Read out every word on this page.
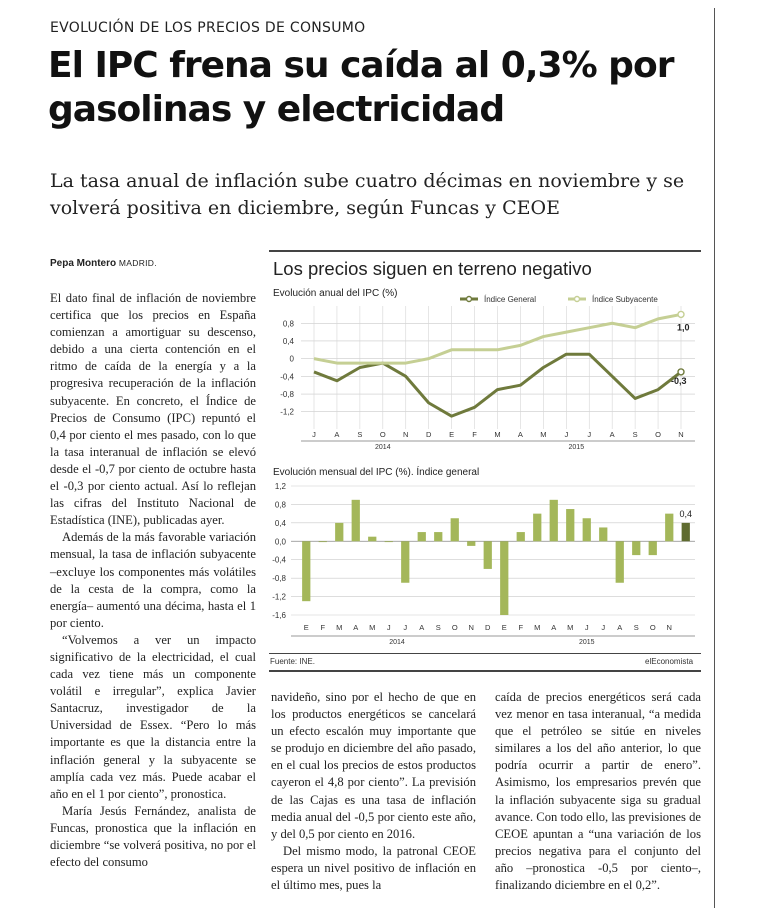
EVOLUCIÓN DE LOS PRECIOS DE CONSUMO
El IPC frena su caída al 0,3% por gasolinas y electricidad
La tasa anual de inflación sube cuatro décimas en noviembre y se volverá positiva en diciembre, según Funcas y CEOE
Pepa Montero MADRID.

El dato final de inflación de noviembre certifica que los precios en España comienzan a amortiguar su descenso, debido a una cierta contención en el ritmo de caída de la energía y a la progresiva recuperación de la inflación subyacente. En concreto, el Índice de Precios de Consumo (IPC) repuntó el 0,4 por ciento el mes pasado, con lo que la tasa interanual de inflación se elevó desde el -0,7 por ciento de octubre hasta el -0,3 por ciento actual. Así lo reflejan las cifras del Instituto Nacional de Estadística (INE), publicadas ayer.

Además de la más favorable variación mensual, la tasa de inflación subyacente –excluye los componentes más volátiles de la cesta de la compra, como la energía– aumentó una décima, hasta el 1 por ciento.

“Volvemos a ver un impacto significativo de la electricidad, el cual cada vez tiene más un componente volátil e irregular”, explica Javier Santacruz, investigador de la Universidad de Essex. “Pero lo más importante es que la distancia entre la inflación general y la subyacente se amplía cada vez más. Puede acabar el año en el 1 por ciento”, pronostica.

María Jesús Fernández, analista de Funcas, pronostica que la inflación en diciembre “se volverá positiva, no por el efecto del consumo

Los precios siguen en terreno negativo
Evolución anual del IPC (%)
Índice General	Índice Subyacente
0,8
0,4
0
-0,4
-0,8
-1,2
J A S O N D E F M A M J	J A S O N
-0,3
1,0
2014	2015
Evolución mensual del IPC (%). Índice general
1,2
0,8
0,4
0,0
-0,4
-0,8
-1,2
-1,6
E F M A M J J A S O N D E F M A M J J A S O N
0,4
2014	2015
Fuente: INE.	elEconomista

navideño, sino por el hecho de que en los productos energéticos se cancelará un efecto escalón muy importante que se produjo en diciembre del año pasado, en el cual los precios de estos productos cayeron el 4,8 por ciento”. La previsión de las Cajas es una tasa de inflación media anual del -0,5 por ciento este año, y del 0,5 por ciento en 2016.

Del mismo modo, la patronal CEOE espera un nivel positivo de inflación en el último mes, pues la

caída de precios energéticos será cada vez menor en tasa interanual, “a medida que el petróleo se sitúe en niveles similares a los del año anterior, lo que podría ocurrir a partir de enero”. Asimismo, los empresarios prevén que la inflación subyacente siga su gradual avance. Con todo ello, las previsiones de CEOE apuntan a “una variación de los precios negativa para el conjunto del año –pronostica -0,5 por ciento–, finalizando diciembre en el 0,2”.
